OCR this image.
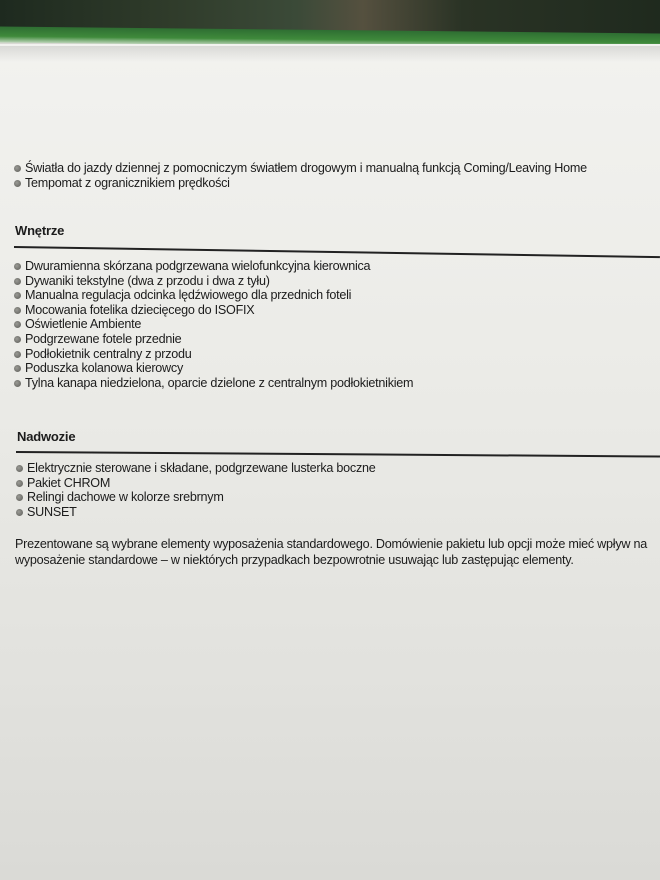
Światła do jazdy dziennej z pomocniczym światłem drogowym i manualną funkcją Coming/Leaving Home
Tempomat z ogranicznikiem prędkości
Wnętrze
Dwuramienna skórzana podgrzewana wielofunkcyjna kierownica
Dywaniki tekstylne (dwa z przodu i dwa z tyłu)
Manualna regulacja odcinka lędźwiowego dla przednich foteli
Mocowania fotelika dziecięcego do ISOFIX
Oświetlenie Ambiente
Podgrzewane fotele przednie
Podłokietnik centralny z przodu
Poduszka kolanowa kierowcy
Tylna kanapa niedzielona, oparcie dzielone z centralnym podłokietnikiem
Nadwozie
Elektrycznie sterowane i składane, podgrzewane lusterka boczne
Pakiet CHROM
Relingi dachowe w kolorze srebrnym
SUNSET
Prezentowane są wybrane elementy wyposażenia standardowego. Domówienie pakietu lub opcji może mieć wpływ na wyposażenie standardowe – w niektórych przypadkach bezpowrotnie usuwając lub zastępując elementy.
